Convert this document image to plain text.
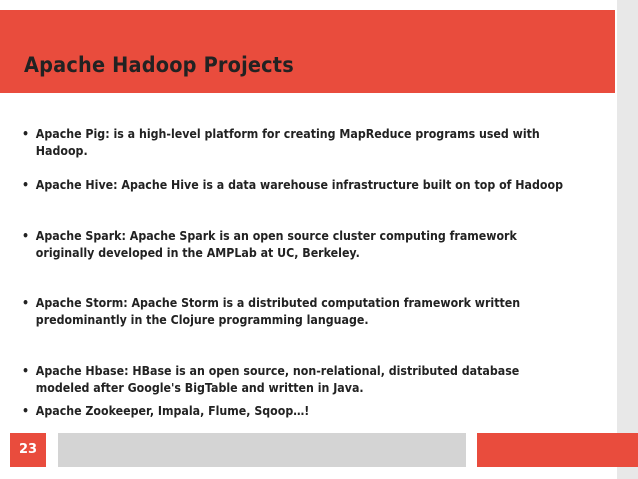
Apache Hadoop Projects
• Apache Pig: is a high-level platform for creating MapReduce programs used with Hadoop.
• Apache Hive: Apache Hive is a data warehouse infrastructure built on top of Hadoop
• Apache Spark: Apache Spark is an open source cluster computing framework originally developed in the AMPLab at UC, Berkeley.
• Apache Storm: Apache Storm is a distributed computation framework written predominantly in the Clojure programming language.
• Apache Hbase: HBase is an open source, non-relational, distributed database modeled after Google's BigTable and written in Java.
• Apache Zookeeper, Impala, Flume, Sqoop…!
23
